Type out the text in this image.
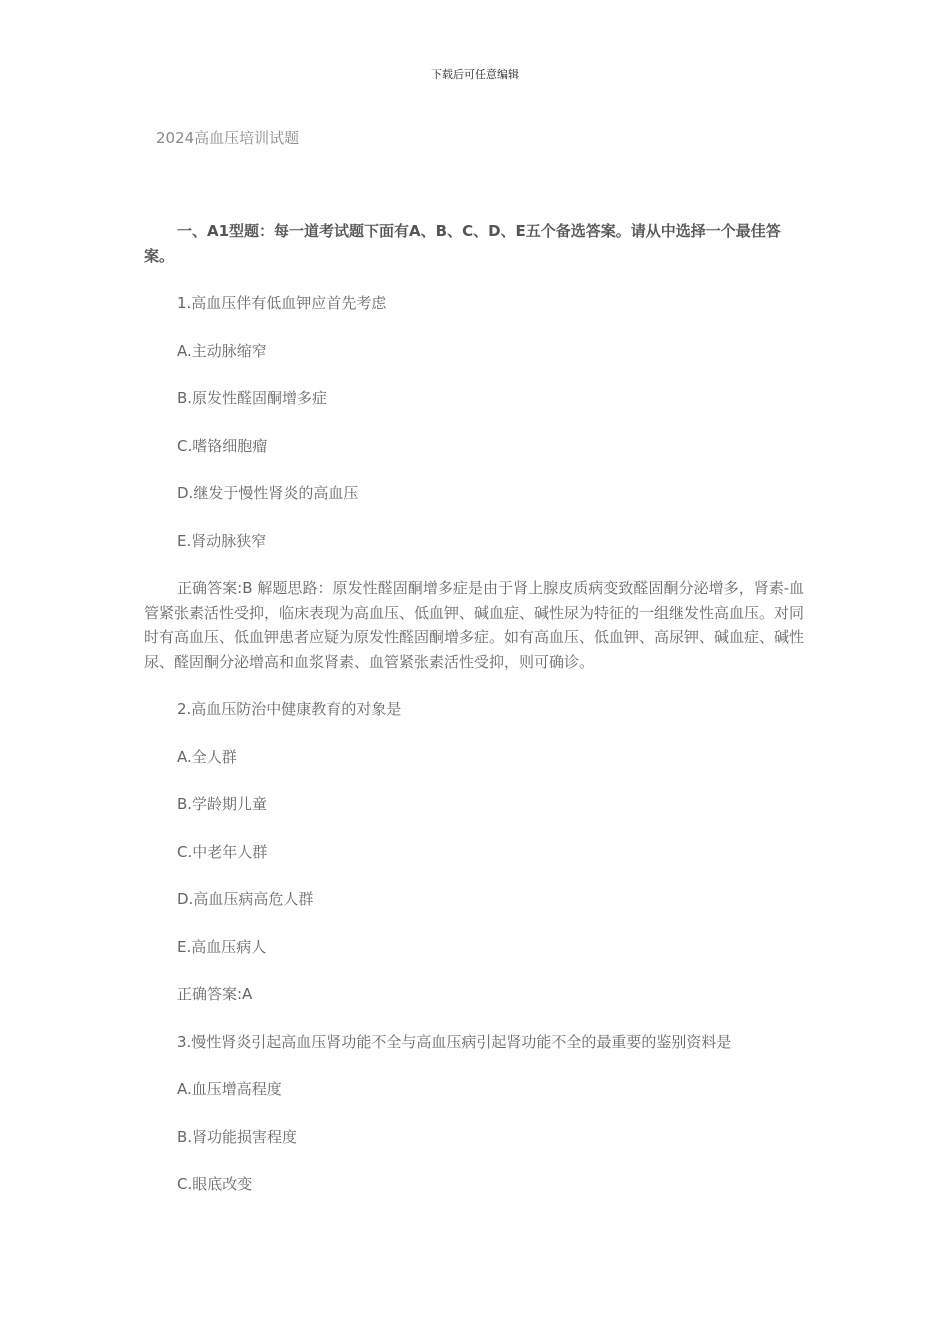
下载后可任意编辑
2024高血压培训试题

一、A1型题：每一道考试题下面有A、B、C、D、E五个备选答案。请从中选择一个最佳答案。

1.高血压伴有低血钾应首先考虑

A.主动脉缩窄

B.原发性醛固酮增多症

C.嗜铬细胞瘤

D.继发于慢性肾炎的高血压

E.肾动脉狭窄

正确答案:B 解题思路：原发性醛固酮增多症是由于肾上腺皮质病变致醛固酮分泌增多，肾素-血管紧张素活性受抑，临床表现为高血压、低血钾、碱血症、碱性尿为特征的一组继发性高血压。对同时有高血压、低血钾患者应疑为原发性醛固酮增多症。如有高血压、低血钾、高尿钾、碱血症、碱性尿、醛固酮分泌增高和血浆肾素、血管紧张素活性受抑，则可确诊。

2.高血压防治中健康教育的对象是

A.全人群

B.学龄期儿童

C.中老年人群

D.高血压病高危人群

E.高血压病人

正确答案:A

3.慢性肾炎引起高血压肾功能不全与高血压病引起肾功能不全的最重要的鉴别资料是

A.血压增高程度

B.肾功能损害程度

C.眼底改变
